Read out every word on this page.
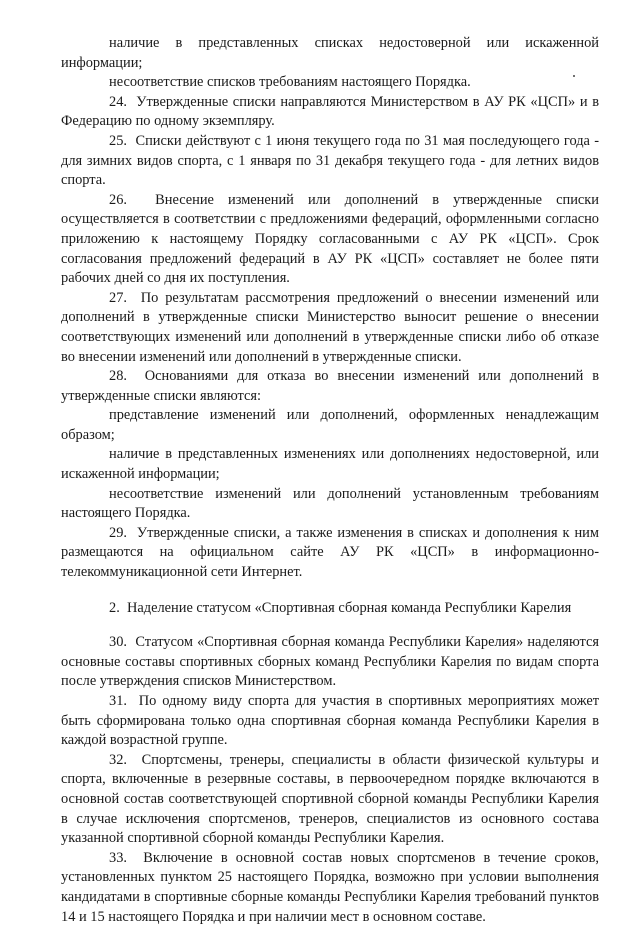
наличие в представленных списках недостоверной или искаженной информации;

несоответствие списков требованиям настоящего Порядка.

24.  Утвержденные списки направляются Министерством в АУ РК «ЦСП» и в Федерацию по одному экземпляру.

25.  Списки действуют с 1 июня текущего года по 31 мая последующего года - для зимних видов спорта, с 1 января по 31 декабря текущего года - для летних видов спорта.

26.  Внесение изменений или дополнений в утвержденные списки осуществляется в соответствии с предложениями федераций, оформленными согласно приложению к настоящему Порядку согласованными с АУ РК «ЦСП». Срок согласования предложений федераций в АУ РК «ЦСП» составляет не более пяти рабочих дней со дня их поступления.

27.  По результатам рассмотрения предложений о внесении изменений или дополнений в утвержденные списки Министерство выносит решение о внесении соответствующих изменений или дополнений в утвержденные списки либо об отказе во внесении изменений или дополнений в утвержденные списки.

28.  Основаниями для отказа во внесении изменений или дополнений в утвержденные списки являются:

представление изменений или дополнений, оформленных ненадлежащим образом;

наличие в представленных изменениях или дополнениях недостоверной, или искаженной информации;

несоответствие изменений или дополнений установленным требованиям настоящего Порядка.

29.  Утвержденные списки, а также изменения в списках и дополнения к ним размещаются на официальном сайте АУ РК «ЦСП» в информационно-телекоммуникационной сети Интернет.

2.  Наделение статусом «Спортивная сборная команда Республики Карелия

30.  Статусом «Спортивная сборная команда Республики Карелия» наделяются основные составы спортивных сборных команд Республики Карелия по видам спорта после утверждения списков Министерством.

31.  По одному виду спорта для участия в спортивных мероприятиях может быть сформирована только одна спортивная сборная команда Республики Карелия в каждой возрастной группе.

32.  Спортсмены, тренеры, специалисты в области физической культуры и спорта, включенные в резервные составы, в первоочередном порядке включаются в основной состав соответствующей спортивной сборной команды Республики Карелия в случае исключения спортсменов, тренеров, специалистов из основного состава указанной спортивной сборной команды Республики Карелия.

33.  Включение в основной состав новых спортсменов в течение сроков, установленных пунктом 25 настоящего Порядка, возможно при условии выполнения кандидатами в спортивные сборные команды Республики Карелия требований пунктов 14 и 15 настоящего Порядка и при наличии мест в основном составе.
